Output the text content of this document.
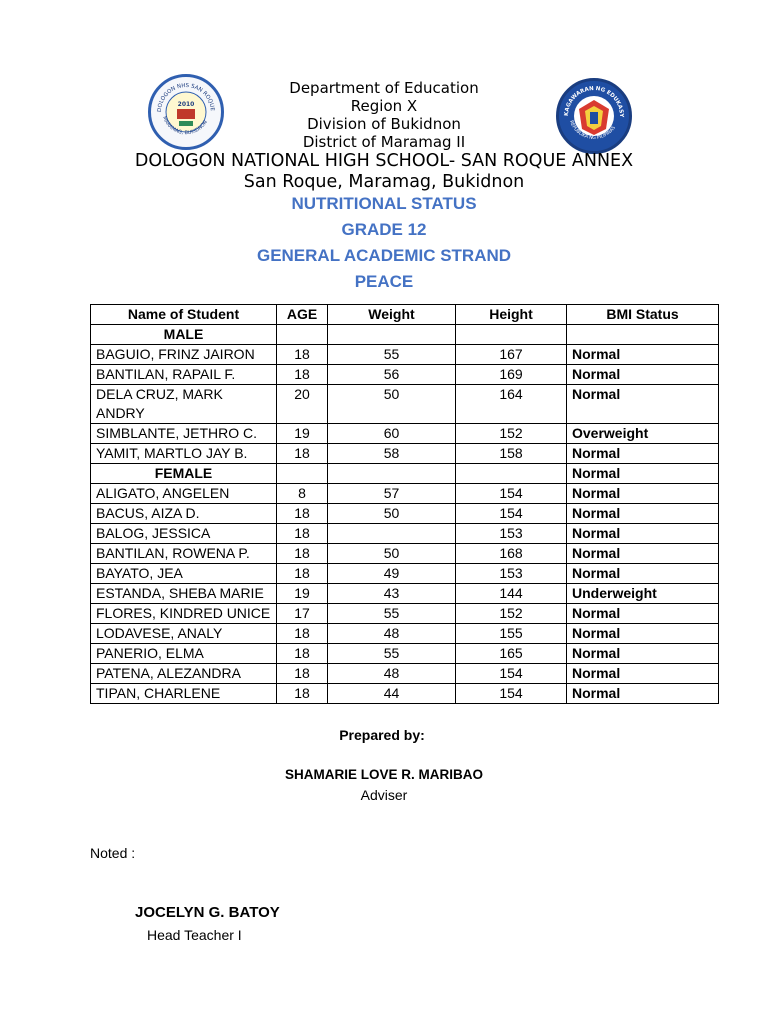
DOLOGON NHS SAN ROQUE
2010
MARAMAG, BUKIDNON
KAGAWARAN NG EDUKASY
REPUBLIKA NG PILIPINAS
Department of Education
Region X
Division of Bukidnon
District of Maramag II
DOLOGON NATIONAL HIGH SCHOOL- SAN ROQUE ANNEX
San Roque, Maramag, Bukidnon
NUTRITIONAL STATUS
GRADE 12
GENERAL ACADEMIC STRAND
PEACE
Name of Student	AGE	Weight	Height	BMI Status
MALE				
BAGUIO, FRINZ JAIRON	18	55	167	Normal
BANTILAN, RAPAIL F.	18	56	169	Normal
DELA CRUZ, MARK ANDRY	20	50	164	Normal
SIMBLANTE, JETHRO C.	19	60	152	Overweight
YAMIT, MARTLO JAY B.	18	58	158	Normal
FEMALE				Normal
ALIGATO, ANGELEN	8	57	154	Normal
BACUS, AIZA D.	18	50	154	Normal
BALOG, JESSICA	18		153	Normal
BANTILAN, ROWENA P.	18	50	168	Normal
BAYATO, JEA	18	49	153	Normal
ESTANDA, SHEBA MARIE	19	43	144	Underweight
FLORES, KINDRED UNICE	17	55	152	Normal
LODAVESE, ANALY	18	48	155	Normal
PANERIO, ELMA	18	55	165	Normal
PATENA, ALEZANDRA	18	48	154	Normal
TIPAN, CHARLENE	18	44	154	Normal
Prepared by:
SHAMARIE LOVE R. MARIBAO
Adviser
Noted :
JOCELYN G. BATOY
Head Teacher I
